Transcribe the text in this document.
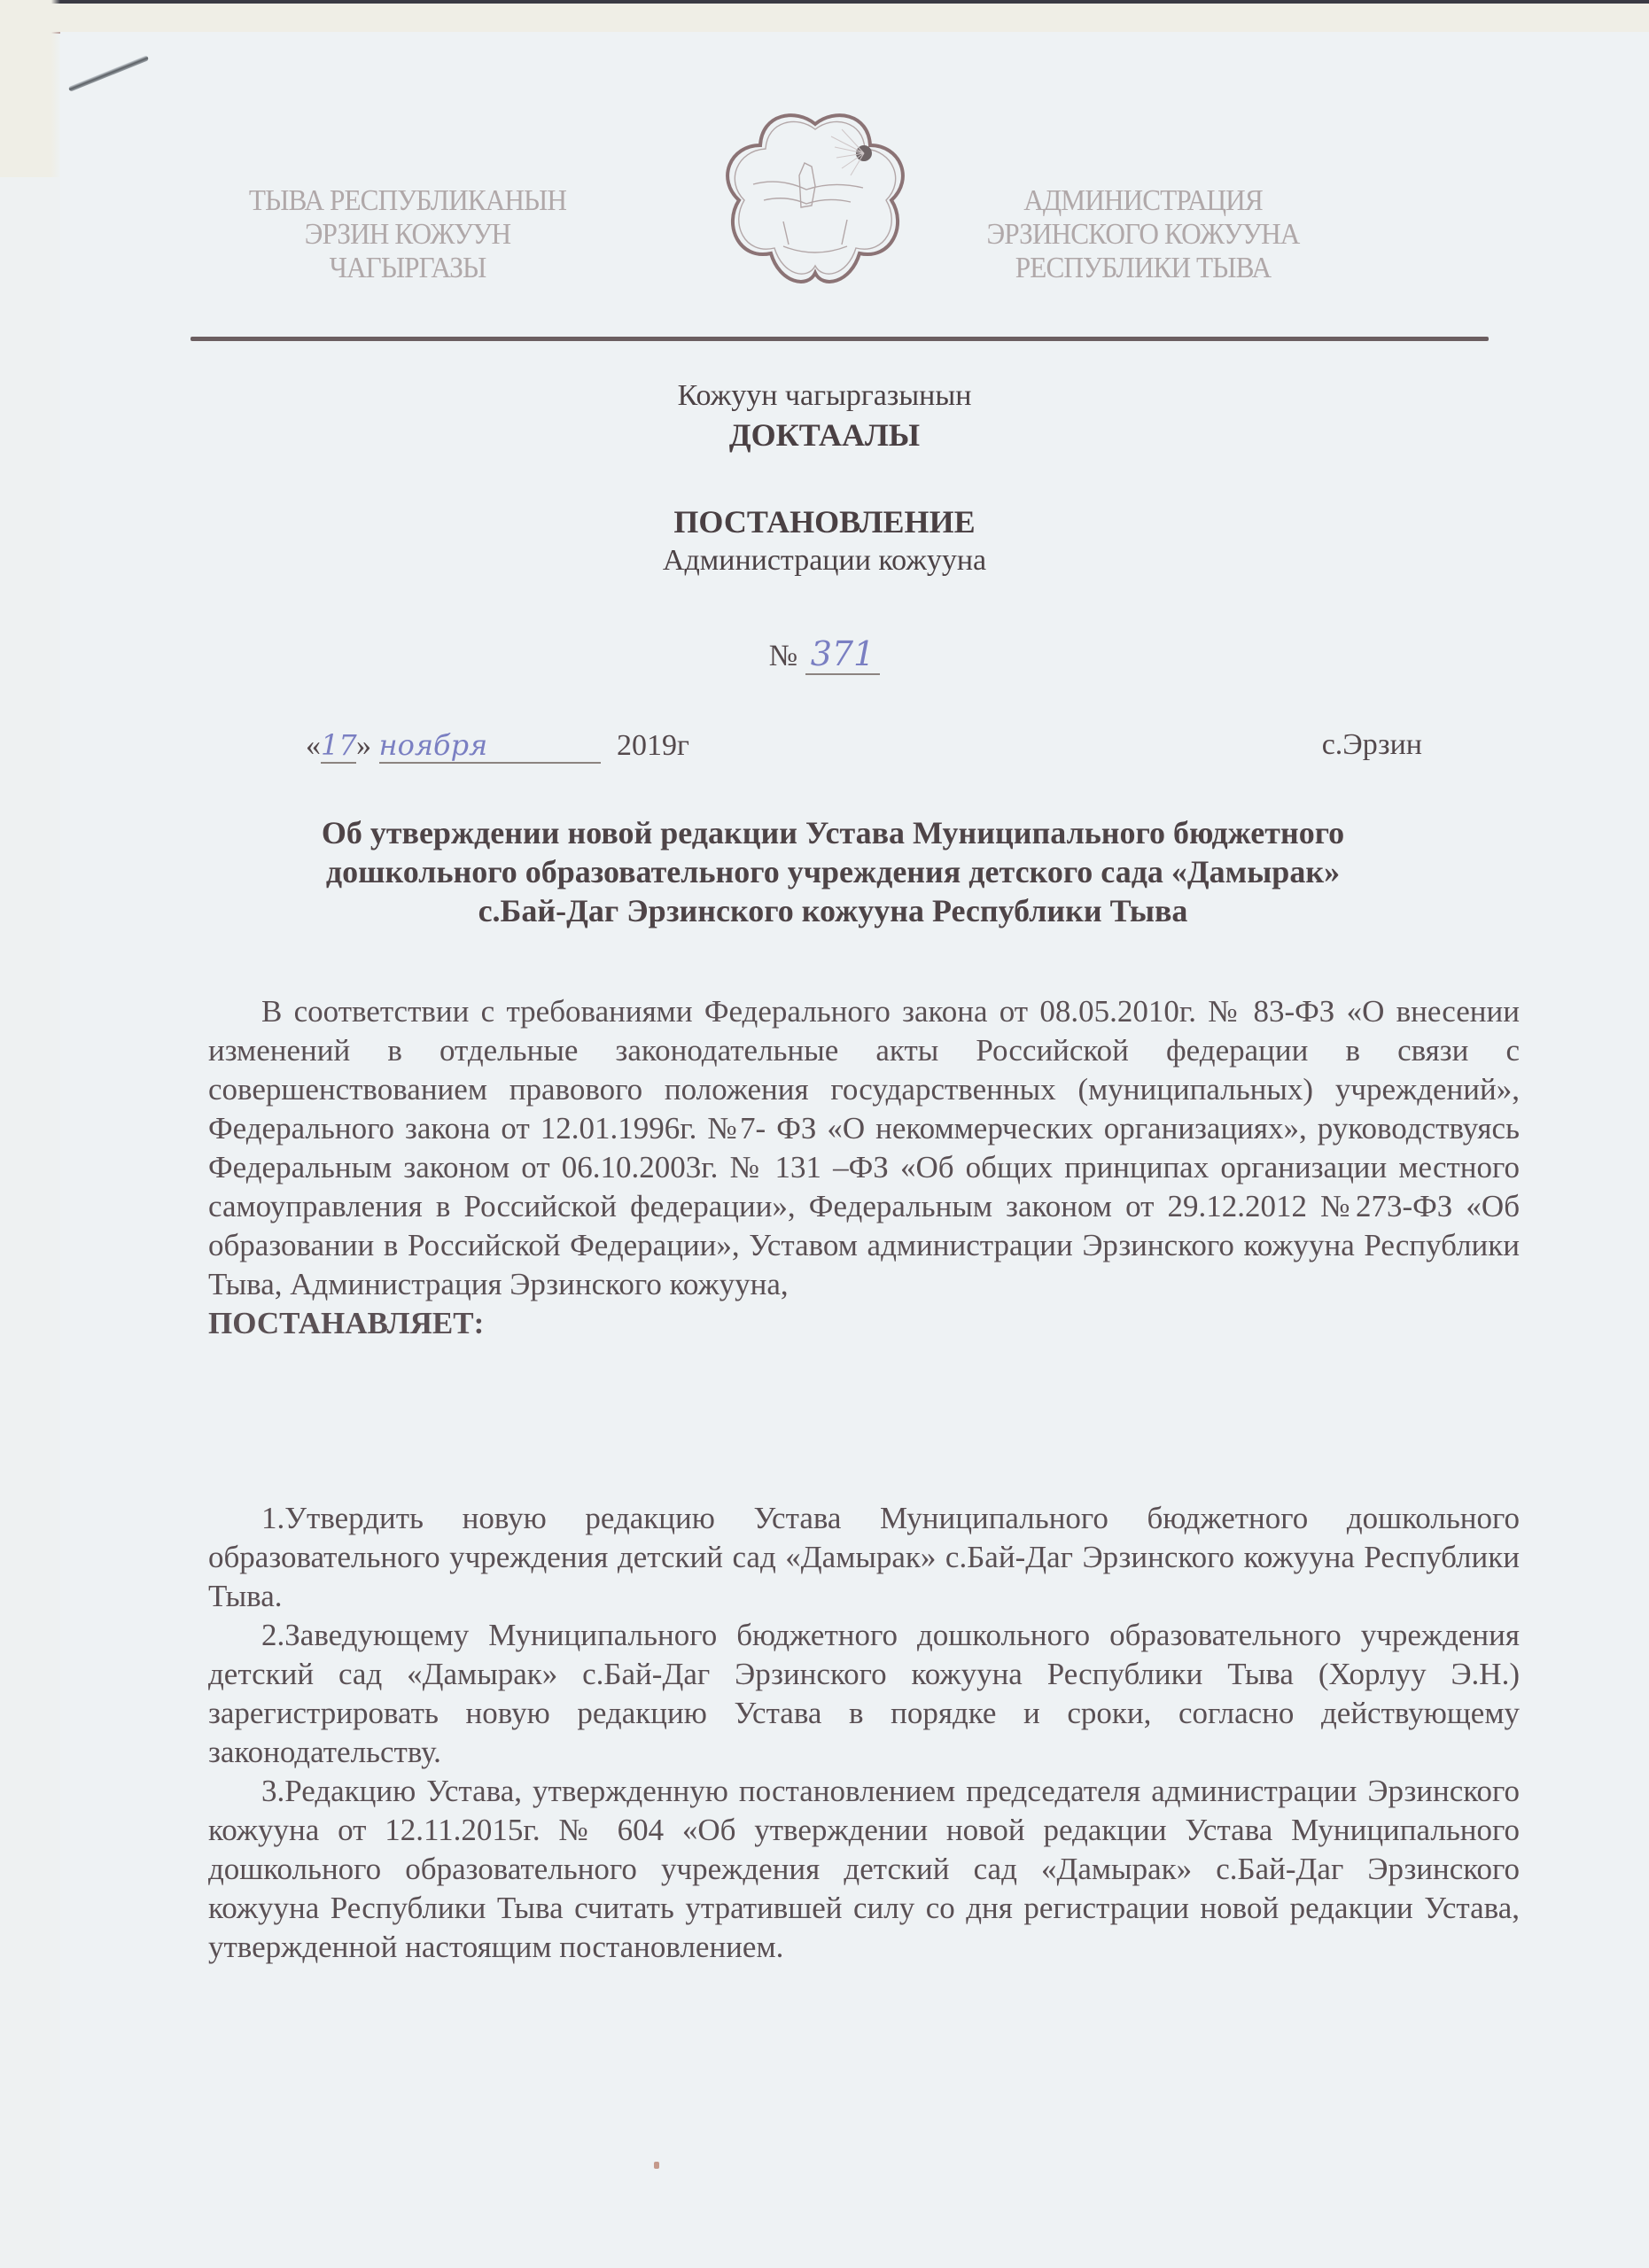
ТЫВА РЕСПУБЛИКАНЫН
ЭРЗИН КОЖУУН
ЧАГЫРГАЗЫ
АДМИНИСТРАЦИЯ
ЭРЗИНСКОГО КОЖУУНА
РЕСПУБЛИКИ ТЫВА
Кожуун чагыргазынын
ДОКТААЛЫ
ПОСТАНОВЛЕНИЕ
Администрации кожууна
№ 371
«17» ноября	2019г	с.Эрзин
Об утверждении новой редакции Устава Муниципального бюджетного
дошкольного образовательного учреждения детского сада «Дамырак»
с.Бай-Даг Эрзинского кожууна Республики Тыва

В соответствии с требованиями Федерального закона от 08.05.2010г. № 83-ФЗ «О внесении изменений в отдельные законодательные акты Российской федерации в связи с совершенствованием правового положения государственных (муниципальных) учреждений», Федерального закона от 12.01.1996г. №7- ФЗ «О некоммерческих организациях», руководствуясь Федеральным законом от 06.10.2003г. № 131 –ФЗ «Об общих принципах организации местного самоуправления в Российской федерации», Федеральным законом от 29.12.2012 №273-ФЗ «Об образовании в Российской Федерации», Уставом администрации Эрзинского кожууна Республики Тыва, Администрация Эрзинского кожууна,

ПОСТАНАВЛЯЕТ:

1.Утвердить новую редакцию Устава Муниципального бюджетного дошкольного образовательного учреждения детский сад «Дамырак» с.Бай-Даг Эрзинского кожууна Республики Тыва.

2.Заведующему Муниципального бюджетного дошкольного образовательного учреждения детский сад «Дамырак» с.Бай-Даг Эрзинского кожууна Республики Тыва (Хорлуу Э.Н.) зарегистрировать новую редакцию Устава в порядке и сроки, согласно действующему законодательству.

3.Редакцию Устава, утвержденную постановлением председателя администрации Эрзинского кожууна от 12.11.2015г. № 604 «Об утверждении новой редакции Устава Муниципального дошкольного образовательного учреждения детский сад «Дамырак» с.Бай-Даг Эрзинского кожууна Республики Тыва считать утратившей силу со дня регистрации новой редакции Устава, утвержденной настоящим постановлением.
